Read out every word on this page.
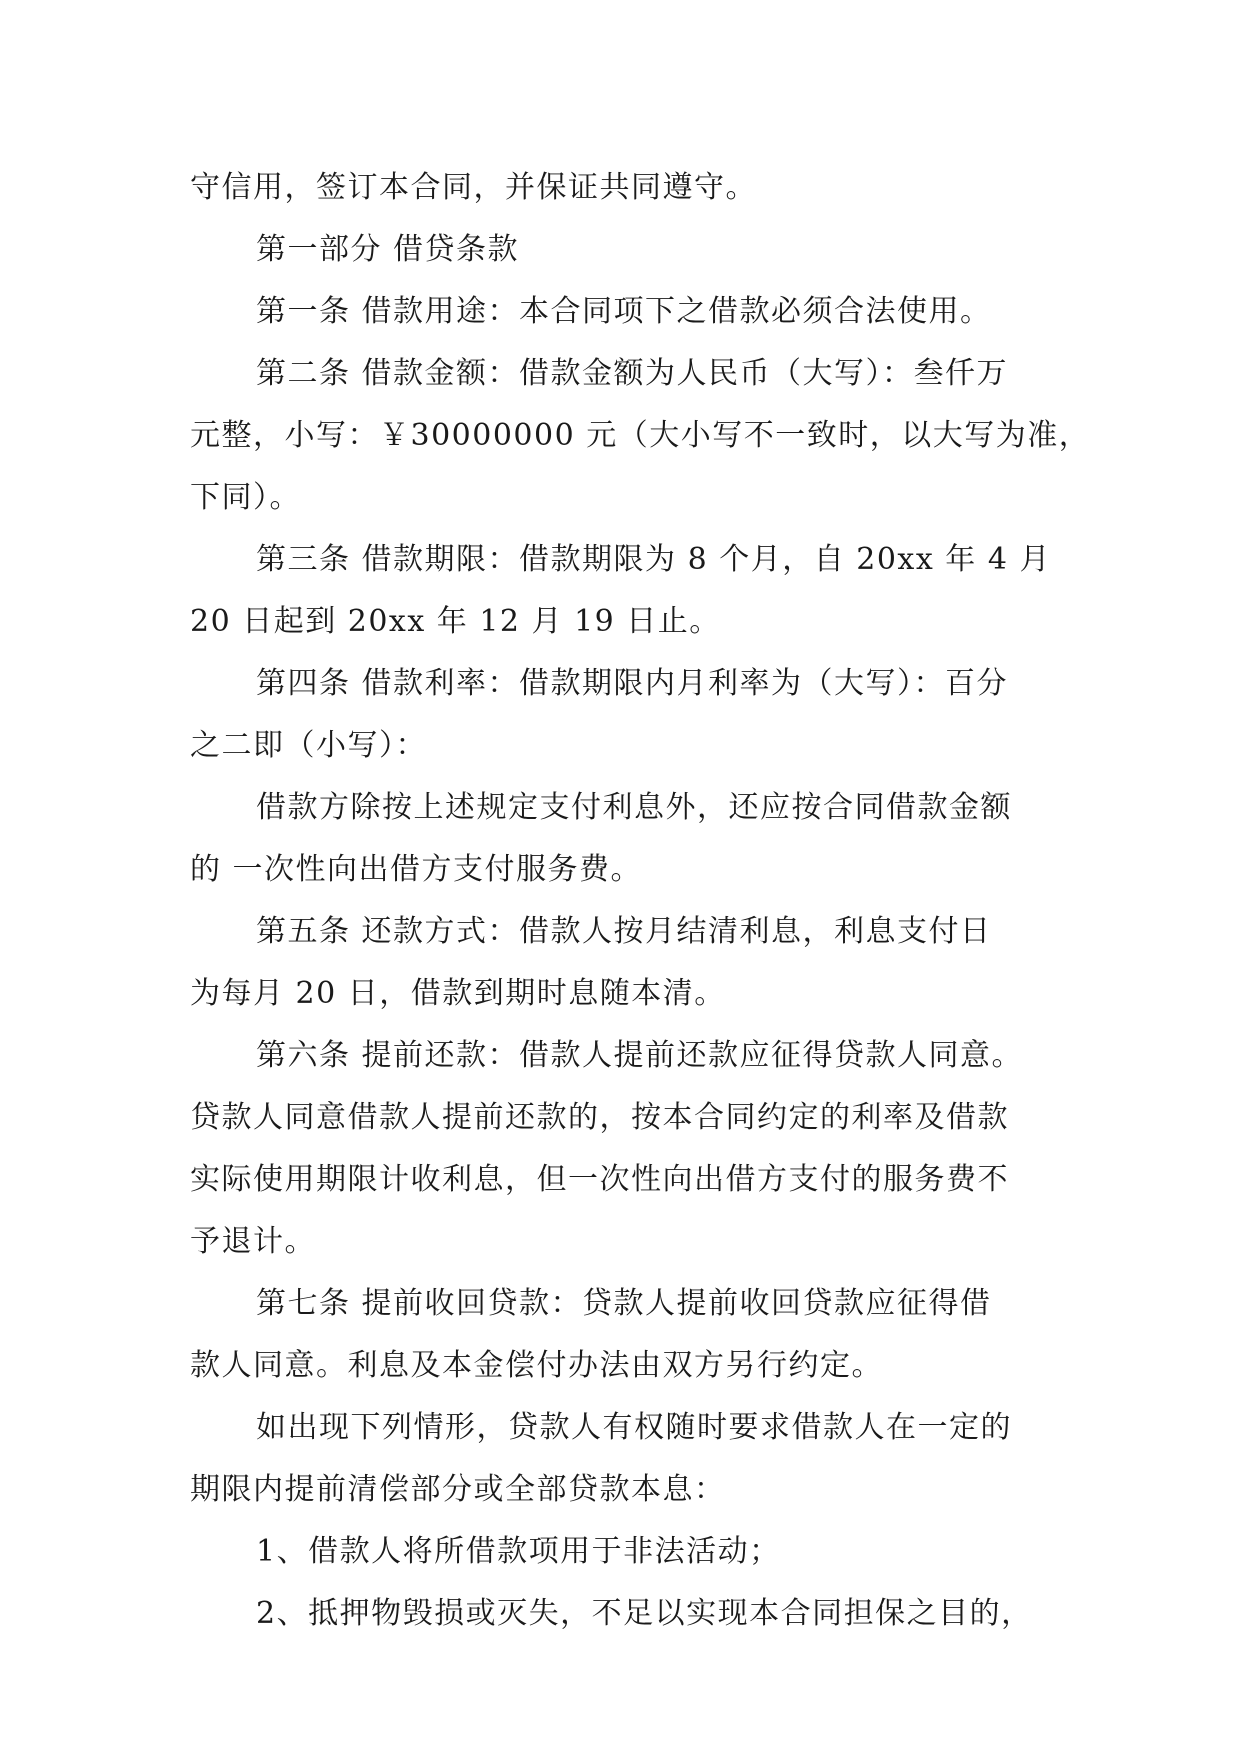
守信用，签订本合同，并保证共同遵守。
第一部分 借贷条款
第一条 借款用途：本合同项下之借款必须合法使用。
第二条 借款金额：借款金额为人民币（大写）：叁仟万
元整，小写：￥30000000 元（大小写不一致时，以大写为准，
下同）。
第三条 借款期限：借款期限为 8 个月，自 20xx 年 4 月
20 日起到 20xx 年 12 月 19 日止。
第四条 借款利率：借款期限内月利率为（大写）：百分
之二即（小写）：
借款方除按上述规定支付利息外，还应按合同借款金额
的 一次性向出借方支付服务费。
第五条 还款方式：借款人按月结清利息，利息支付日
为每月 20 日，借款到期时息随本清。
第六条 提前还款：借款人提前还款应征得贷款人同意。
贷款人同意借款人提前还款的，按本合同约定的利率及借款
实际使用期限计收利息，但一次性向出借方支付的服务费不
予退计。
第七条 提前收回贷款：贷款人提前收回贷款应征得借
款人同意。利息及本金偿付办法由双方另行约定。
如出现下列情形，贷款人有权随时要求借款人在一定的
期限内提前清偿部分或全部贷款本息：
1、借款人将所借款项用于非法活动；
2、抵押物毁损或灭失，不足以实现本合同担保之目的，
